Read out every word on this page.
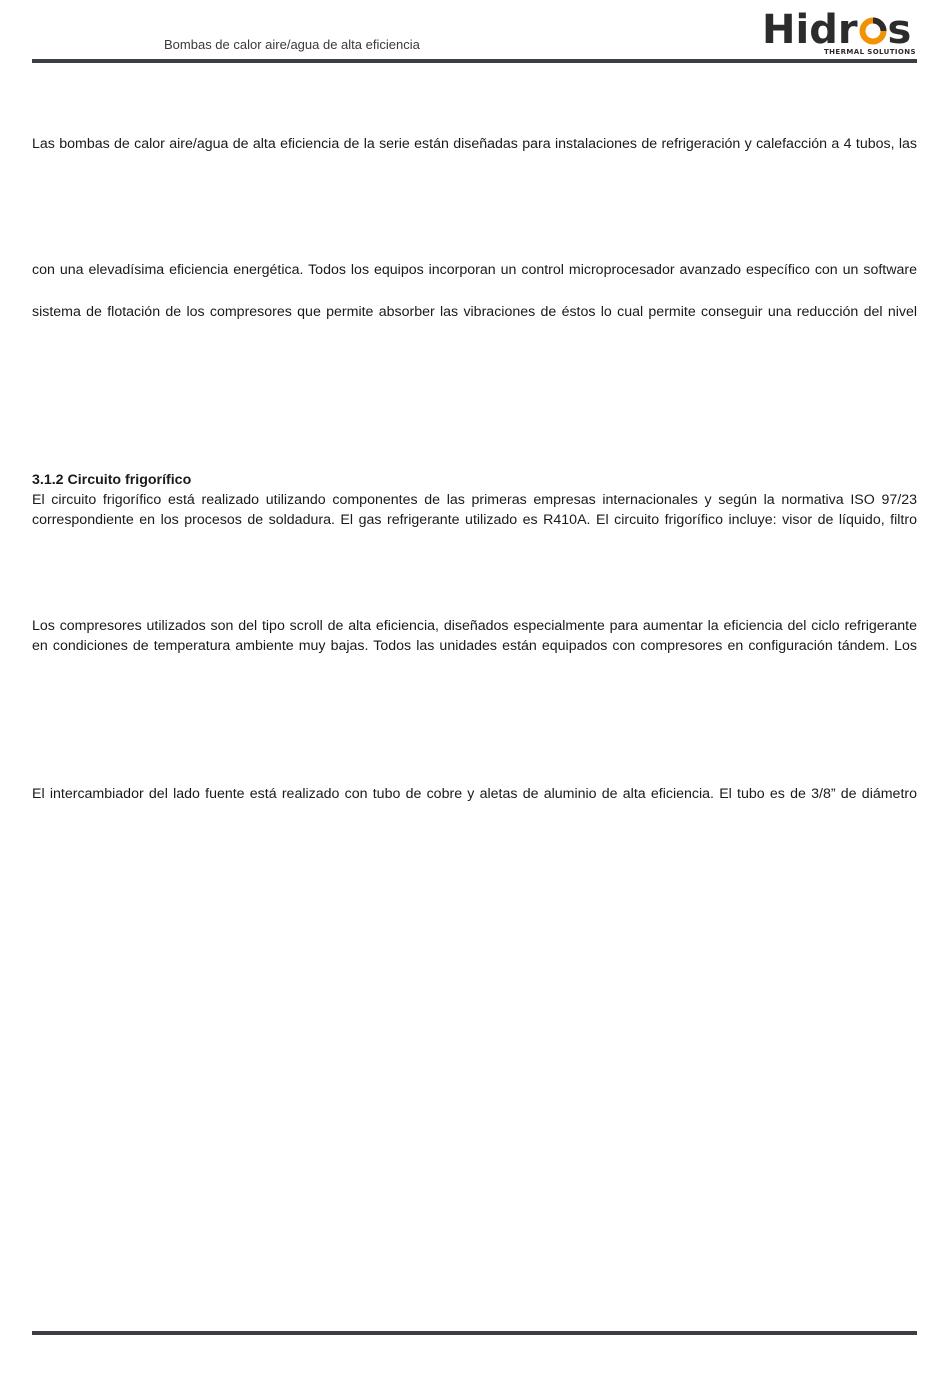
Bombas de calor aire/agua de alta eficiencia	Hidr s
THERMAL SOLUTIONS
Las bombas de calor aire/agua de alta eficiencia de la serie están diseñadas para instalaciones de refrigeración y calefacción a 4 tubos, las
con una elevadísima eficiencia energética. Todos los equipos incorporan un control microprocesador avanzado específico con un software
sistema de flotación de los compresores que permite absorber las vibraciones de éstos lo cual permite conseguir una reducción del nivel
3.1.2 Circuito frigorífico
El circuito frigorífico está realizado utilizando componentes de las primeras empresas internacionales y según la normativa ISO 97/23
correspondiente en los procesos de soldadura. El gas refrigerante utilizado es R410A. El circuito frigorífico incluye: visor de líquido, filtro
Los compresores utilizados son del tipo scroll de alta eficiencia, diseñados especialmente para aumentar la eficiencia del ciclo refrigerante
en condiciones de temperatura ambiente muy bajas. Todos las unidades están equipados con compresores en configuración tándem. Los
El intercambiador del lado fuente está realizado con tubo de cobre y aletas de aluminio de alta eficiencia. El tubo es de 3/8” de diámetro
